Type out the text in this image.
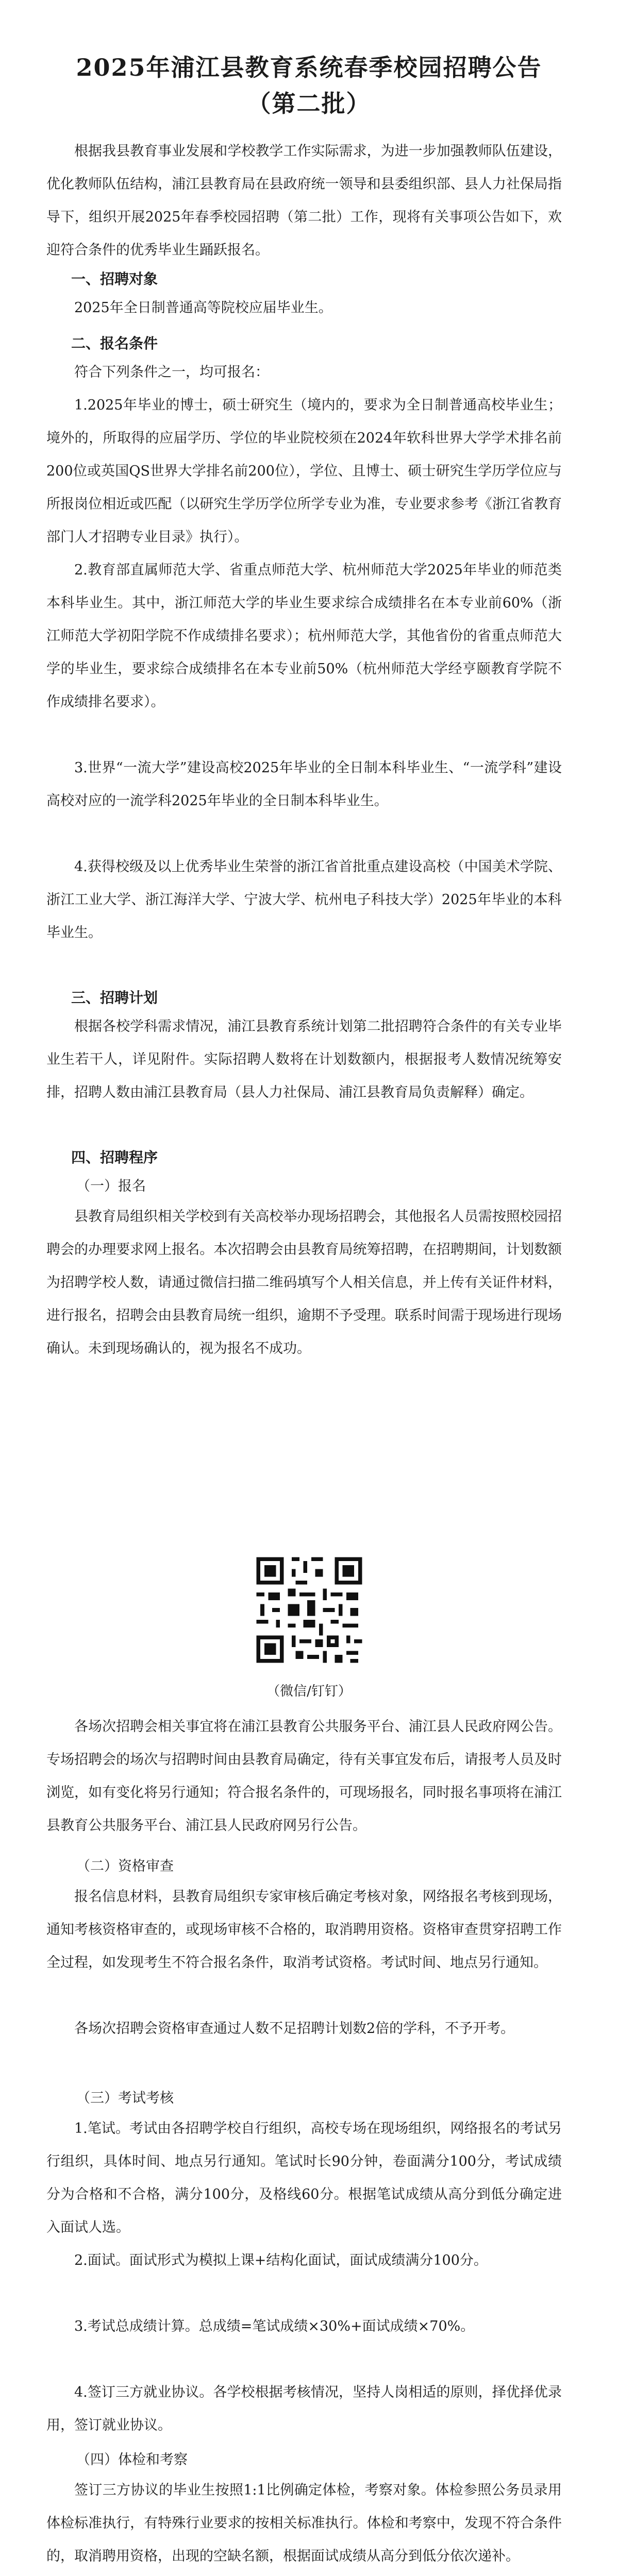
2025年浦江县教育系统春季校园招聘公告
（第二批）

根据我县教育事业发展和学校教学工作实际需求，为进一步加强教师队伍建设，优化教师队伍结构，浦江县教育局在县政府统一领导和县委组织部、县人力社保局指导下，组织开展2025年春季校园招聘（第二批）工作，现将有关事项公告如下，欢迎符合条件的优秀毕业生踊跃报名。

一、招聘对象

2025年全日制普通高等院校应届毕业生。

二、报名条件

符合下列条件之一，均可报名：

1.2025年毕业的博士，硕士研究生（境内的，要求为全日制普通高校毕业生；境外的，所取得的应届学历、学位的毕业院校须在2024年软科世界大学学术排名前200位或英国QS世界大学排名前200位），学位、且博士、硕士研究生学历学位应与所报岗位相近或匹配（以研究生学历学位所学专业为准，专业要求参考《浙江省教育部门人才招聘专业目录》执行）。

2.教育部直属师范大学、省重点师范大学、杭州师范大学2025年毕业的师范类本科毕业生。其中，浙江师范大学的毕业生要求综合成绩排名在本专业前60%（浙江师范大学初阳学院不作成绩排名要求）；杭州师范大学，其他省份的省重点师范大学的毕业生，要求综合成绩排名在本专业前50%（杭州师范大学经亨颐教育学院不作成绩排名要求）。

3.世界“一流大学”建设高校2025年毕业的全日制本科毕业生、“一流学科”建设高校对应的一流学科2025年毕业的全日制本科毕业生。

4.获得校级及以上优秀毕业生荣誉的浙江省首批重点建设高校（中国美术学院、浙江工业大学、浙江海洋大学、宁波大学、杭州电子科技大学）2025年毕业的本科毕业生。

三、招聘计划

根据各校学科需求情况，浦江县教育系统计划第二批招聘符合条件的有关专业毕业生若干人，详见附件。实际招聘人数将在计划数额内，根据报考人数情况统筹安排，招聘人数由浦江县教育局（县人力社保局、浦江县教育局负责解释）确定。

四、招聘程序
（一）报名

县教育局组织相关学校到有关高校举办现场招聘会，其他报名人员需按照校园招聘会的办理要求网上报名。本次招聘会由县教育局统筹招聘，在招聘期间，计划数额为招聘学校人数，请通过微信扫描二维码填写个人相关信息，并上传有关证件材料，进行报名，招聘会由县教育局统一组织，逾期不予受理。联系时间需于现场进行现场确认。未到现场确认的，视为报名不成功。

（微信/钉钉）

各场次招聘会相关事宜将在浦江县教育公共服务平台、浦江县人民政府网公告。专场招聘会的场次与招聘时间由县教育局确定，待有关事宜发布后，请报考人员及时浏览，如有变化将另行通知；符合报名条件的，可现场报名，同时报名事项将在浦江县教育公共服务平台、浦江县人民政府网另行公告。

（二）资格审查

报名信息材料，县教育局组织专家审核后确定考核对象，网络报名考核到现场，通知考核资格审查的，或现场审核不合格的，取消聘用资格。资格审查贯穿招聘工作全过程，如发现考生不符合报名条件，取消考试资格。考试时间、地点另行通知。

各场次招聘会资格审查通过人数不足招聘计划数2倍的学科，不予开考。

（三）考试考核

1.笔试。考试由各招聘学校自行组织，高校专场在现场组织，网络报名的考试另行组织，具体时间、地点另行通知。笔试时长90分钟，卷面满分100分，考试成绩分为合格和不合格，满分100分，及格线60分。根据笔试成绩从高分到低分确定进入面试人选。

2.面试。面试形式为模拟上课+结构化面试，面试成绩满分100分。

3.考试总成绩计算。总成绩=笔试成绩×30%+面试成绩×70%。

4.签订三方就业协议。各学校根据考核情况，坚持人岗相适的原则，择优择优录用，签订就业协议。

（四）体检和考察

签订三方协议的毕业生按照1:1比例确定体检，考察对象。体检参照公务员录用体检标准执行，有特殊行业要求的按相关标准执行。体检和考察中，发现不符合条件的，取消聘用资格，出现的空缺名额，根据面试成绩从高分到低分依次递补。
